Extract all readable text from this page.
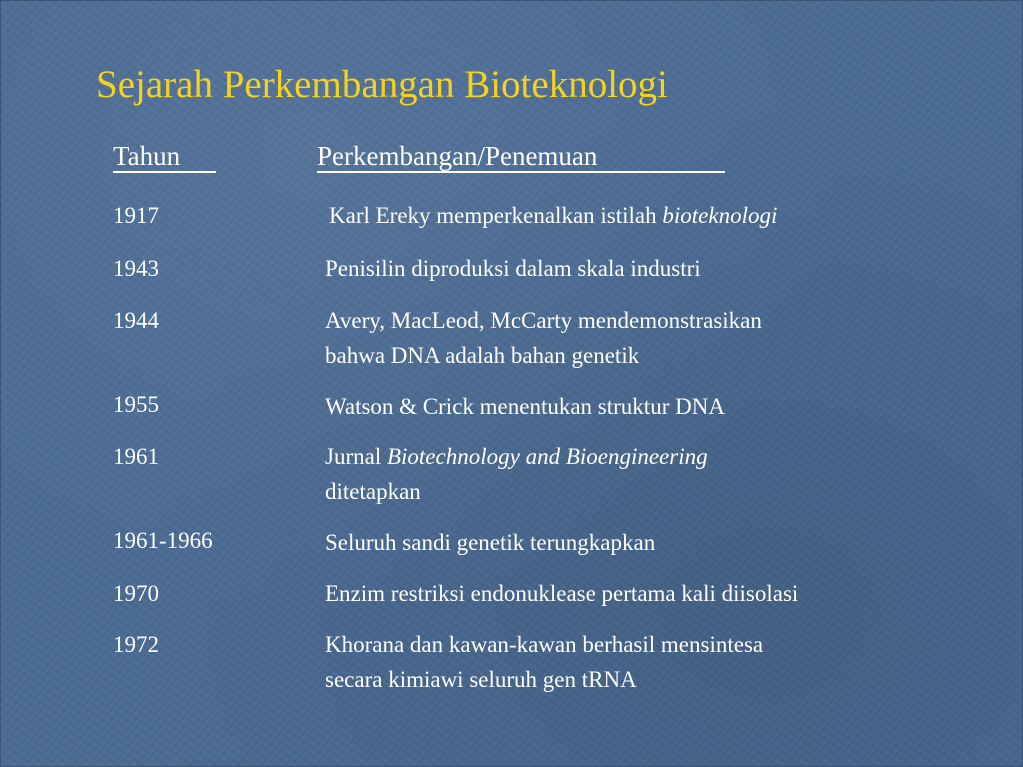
Sejarah Perkembangan Bioteknologi
Tahun	Perkembangan/Penemuan
1917	Karl Ereky memperkenalkan istilah bioteknologi
1943	Penisilin diproduksi dalam skala industri
1944	Avery, MacLeod, McCarty mendemonstrasikan
bahwa DNA adalah bahan genetik
1955	Watson & Crick menentukan struktur DNA
1961	Jurnal Biotechnology and Bioengineering
ditetapkan
1961-1966	Seluruh sandi genetik terungkapkan
1970	Enzim restriksi endonuklease pertama kali diisolasi
1972	Khorana dan kawan-kawan berhasil mensintesa
secara kimiawi seluruh gen tRNA
